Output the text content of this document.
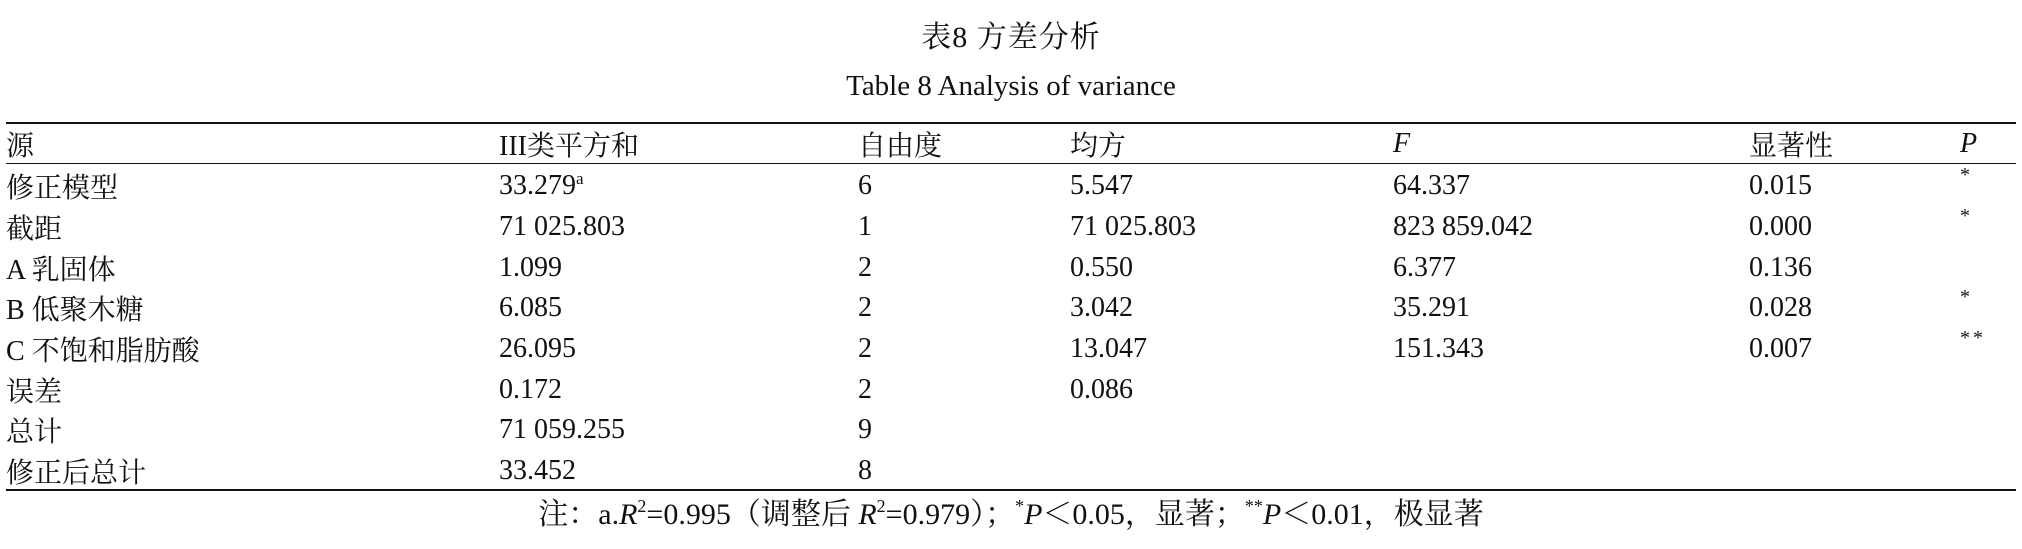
表8 方差分析
Table 8 Analysis of variance
源	III类平方和	自由度	均方	F	显著性	P
修正模型	33.279$^a$	6	5.547	64.337	0.015	*
截距	71 025.803	1	71 025.803	823 859.042	0.000	*
A 乳固体	1.099	2	0.550	6.377	0.136	
B 低聚木糖	6.085	2	3.042	35.291	0.028	*
C 不饱和脂肪酸	26.095	2	13.047	151.343	0.007	**
误差	0.172	2	0.086			
总计	71 059.255	9				
修正后总计	33.452	8				
注：$a.R^2=0.995$（调整后 $R^2=0.979$）；*P＜0.05，显著；**P＜0.01，极显著
